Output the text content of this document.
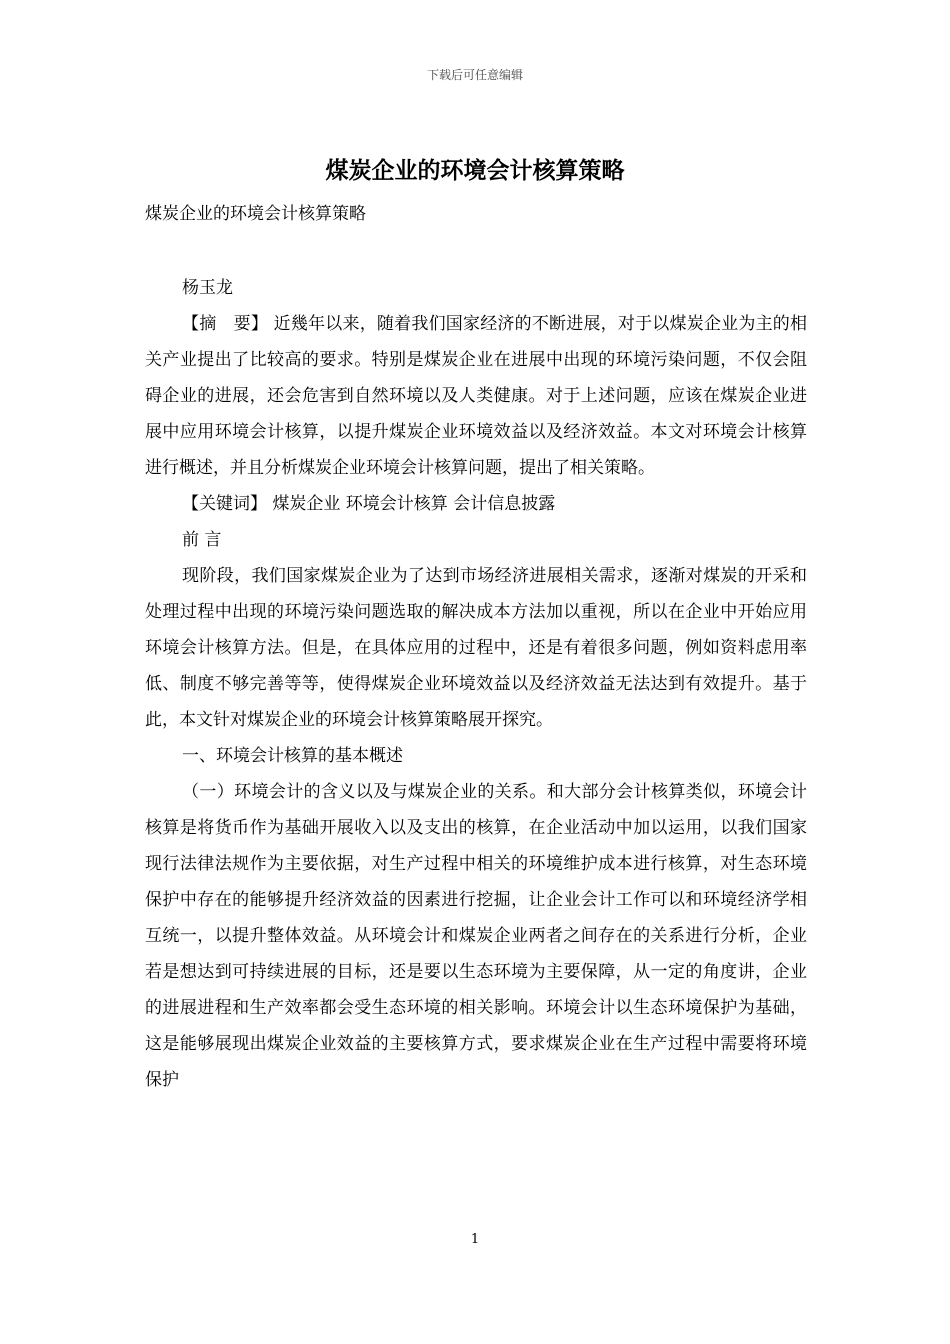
下载后可任意编辑
煤炭企业的环境会计核算策略

煤炭企业的环境会计核算策略

杨玉龙

【摘　要】 近幾年以来，随着我们国家经济的不断进展，对于以煤炭企业为主的相关产业提出了比较高的要求。特别是煤炭企业在进展中出现的环境污染问题，不仅会阻碍企业的进展，还会危害到自然环境以及人类健康。对于上述问题，应该在煤炭企业进展中应用环境会计核算，以提升煤炭企业环境效益以及经济效益。本文对环境会计核算进行概述，并且分析煤炭企业环境会计核算问题，提出了相关策略。

【关键词】 煤炭企业 环境会计核算 会计信息披露

前 言

现阶段，我们国家煤炭企业为了达到市场经济进展相关需求，逐渐对煤炭的开采和处理过程中出现的环境污染问题选取的解决成本方法加以重视，所以在企业中开始应用环境会计核算方法。但是，在具体应用的过程中，还是有着很多问题，例如资料虑用率低、制度不够完善等等，使得煤炭企业环境效益以及经济效益无法达到有效提升。基于此，本文针对煤炭企业的环境会计核算策略展开探究。

一、环境会计核算的基本概述

（一）环境会计的含义以及与煤炭企业的关系。和大部分会计核算类似，环境会计核算是将货币作为基础开展收入以及支出的核算，在企业活动中加以运用，以我们国家现行法律法规作为主要依据，对生产过程中相关的环境维护成本进行核算，对生态环境保护中存在的能够提升经济效益的因素进行挖掘，让企业会计工作可以和环境经济学相互统一，以提升整体效益。从环境会计和煤炭企业两者之间存在的关系进行分析，企业若是想达到可持续进展的目标，还是要以生态环境为主要保障，从一定的角度讲，企业的进展进程和生产效率都会受生态环境的相关影响。环境会计以生态环境保护为基础，这是能够展现出煤炭企业效益的主要核算方式，要求煤炭企业在生产过程中需要将环境保护

1
